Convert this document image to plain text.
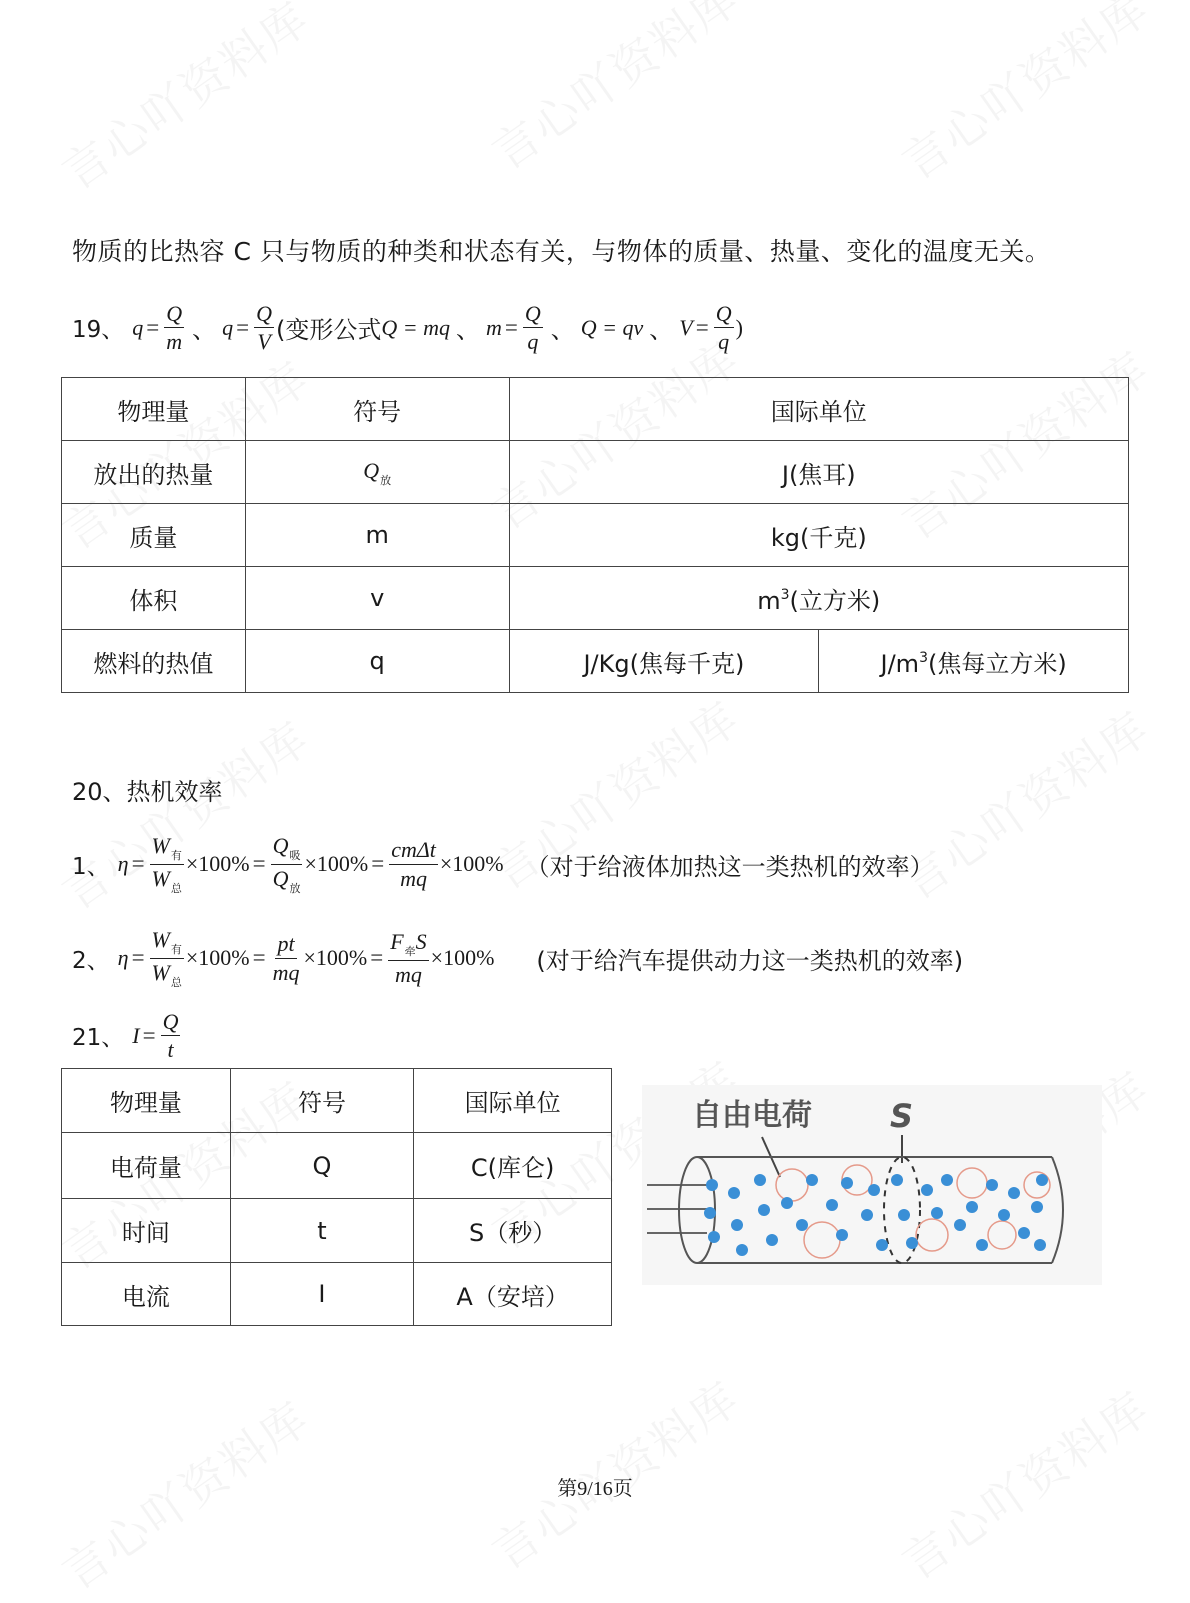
物质的比热容 C 只与物质的种类和状态有关，与物体的质量、热量、变化的温度无关。
19、 $q = \frac{Q}{m}$ 、 $q = \frac{Q}{V}$ (变形公式 Q = mq 、 $m = \frac{Q}{q}$ 、 Q = qv 、 $V = \frac{Q}{q}$ )
物理量	符号	国际单位	
放出的热量	$Q_放$	J(焦耳)	
质量	m	kg(千克)	
体积	v	$m^3$(立方米)	
燃料的热值	q	J/Kg(焦每千克)	$J/m^3$(焦每立方米)
20、热机效率
1、 $\eta = \frac{W_有}{W_总} \times 100\% = \frac{Q_吸}{Q_放} \times 100\% = \frac{\text{cmΔt}}{mq} \times 100\%$ （对于给液体加热这一类热机的效率）
2、 $\eta = \frac{W_有}{W_总} \times 100\% = \frac{pt}{mq} \times 100\% = \frac{F_牵S}{mq} \times 100\%$ (对于给汽车提供动力这一类热机的效率)
21、 $I = \frac{Q}{t}$
物理量	符号	国际单位
电荷量	Q	C(库仑)
时间	t	S（秒）
电流	I	A（安培）
自由电荷 S
第9/16页
